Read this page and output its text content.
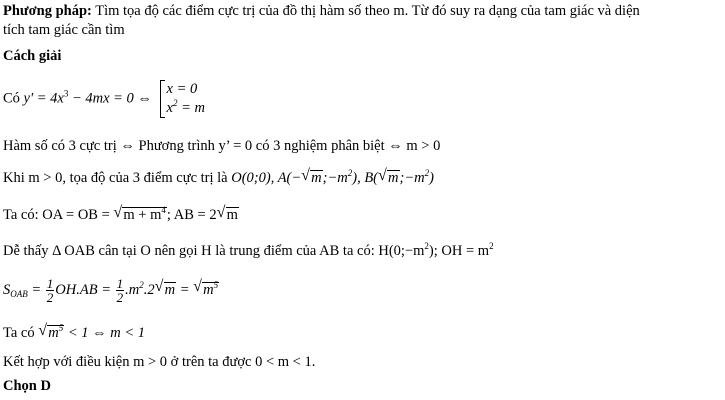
Phương pháp: Tìm tọa độ các điểm cực trị của đồ thị hàm số theo m. Từ đó suy ra dạng của tam giác và diện
tích tam giác cần tìm
Cách giải
Có $y' = 4x^3 - 4mx = 0$ ⇔
x = 0
$x^2 = m$
Hàm số có 3 cực trị ⇔ Phương trình y’ = 0 có 3 nghiệm phân biệt ⇔ m > 0
Khi m > 0, tọa độ của 3 điểm cực trị là O(0;0), A(− √ $m;-m^2$), B( √ $m;-m^2$)
Ta có: OA = OB = √ $m + m^4$; AB = 2 √ m
Dễ thấy Δ OAB cân tại O nên gọi H là trung điểm của AB ta có: $H(0;-m^2)$; OH = $m^2$
$S_{OAB} = \frac{1}{2} OH.AB = \frac{1}{2} .m^2.2$ √ m = √ $m^5$
Ta có √ $m^5 < 1$ ⇔ m < 1
Kết hợp với điều kiện m > 0 ở trên ta được 0 < m < 1.
Chọn D
